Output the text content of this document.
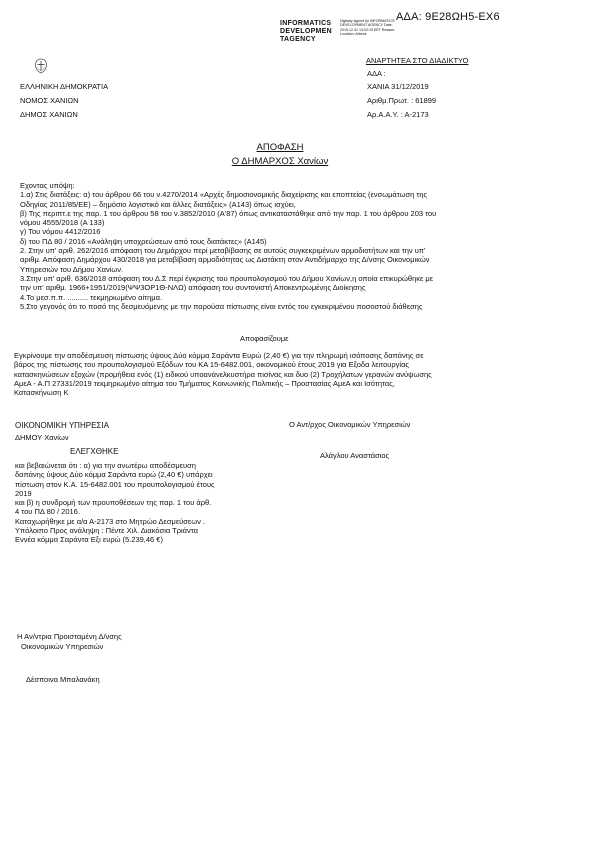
ΑΔΑ: 9Ε28ΩΗ5-ΕΧ6
INFORMATICS
DEVELOPMEN
TAGENCY
Digitally signed by INFORMATICS DEVELOPMENT AGENCY Date: 2019.12.31 13:02:15 EET Reason: Location: Athens
ΑΝΑΡΤΗΤΕΑ ΣΤΟ ΔΙΑΔΙΚΤΥΟ
ΕΛΛΗΝΙΚΗ ΔΗΜΟΚΡΑΤΙΑ
ΝΟΜΟΣ ΧΑΝΙΩΝ
ΔΗΜΟΣ ΧΑΝΙΩΝ
ΑΔΑ :
ΧΑΝΙΑ 31/12/2019
Αριθμ.Πρωτ. : 61899
Αρ.Α.Α.Υ. : Α-2173
ΑΠΟΦΑΣΗ
Ο ΔΗΜΑΡΧΟΣ Χανίων
Εχοντας υπόψη:
1.α) Στις διατάξεις: α) του άρθρου 66 του ν.4270/2014 «Αρχές δημοσιονομικής διαχείρισης και εποπτείας (ενσωμάτωση της
Οδηγίας 2011/85/ΕΕ) – δημόσιο λογιστικό και άλλες διατάξεις» (Α143) όπως ισχύει,
β) Της περιπτ.ε της παρ. 1 του άρθρου 58 του ν.3852/2010 (Α'87) όπως αντικαταστάθηκε από την παρ. 1 του άρθρου 203 του
νόμου 4555/2018 (Α 133)
γ) Του νόμου 4412/2016
δ) του ΠΔ 80 / 2016 «Ανάληψη υποχρεώσεων από τους διατάκτες» (Α145)
2. Στην υπ' αριθ. 262/2016 απόφαση του Δημάρχου περί μεταβίβασης σε αυτούς συγκεκριμένων αρμοδιοτήτων και την υπ'
αριθμ. Απόφαση Δημάρχου 430/2018 για μεταβίβαση αρμοδιότητας ως Διατάκτη στον Αντιδήμαρχο της Δ/νσης Οικονομικών
Υπηρεσιών του Δήμου Χανίων.
3.Στην υπ' αριθ. 636/2018 απόφαση του Δ.Σ περί έγκρισης του προυπολογισμού του Δήμου Χανίων,η οποία επικυρώθηκε με
την υπ' αριθμ. 1966+1951/2019(ΨΨ3ΟΡ1Θ-ΝΛΩ) απόφαση του συντονιστή Αποκεντρωμένης Διοίκησης
4.Το μεσ.π.π. .......... τεκμηριωμένο αίτημα.
5.Στο γεγονός ότι το ποσό της δεσμευόμενης με την παρούσα πίστωσης είναι εντός του εγκεκριμένου ποσοστού διάθεσης
Αποφασίζουμε
Εγκρίνουμε την αποδέσμευση πίστωσης ύψους Δύο κόμμα Σαράντα Ευρώ (2,40 €) για την πληρωμή ισόποσης δαπάνης σε
βάρος της πίστωσης του προυπολογισμού Εξόδων του ΚΑ 15-6482.001, οικονομικού έτους 2019 για Εξοδα λειτουργίας
κατασκηνώσεων εξοχών (προμήθεια ενός (1) ειδικού υποανάνελκυστήρα πισίνας και δυο (2) Τροχήλατων γερανών ανύψωσης
ΑμεΑ - Α.Π 27331/2019 τεκμηριωμένο αίτημα του Τμήματος Κοινωνικής Πολιτικής – Προστασίας ΑμεΑ και Ισότητας,
Κατασκήνωση Κ
ΟΙΚΟΝΟΜΙΚΗ ΥΠΗΡΕΣΙΑ
ΔΗΜΟΥ Χανίων
Ο Αντ/ρχος Οικονομικών Υπηρεσιών
ΕΛΕΓΧΘΗΚΕ	Αλάγλου Αναστάσιος
και βεβαιώνεται ότι : α) για την ανωτέρω αποδέσμευση
δαπάνης ύψους Δύο κόμμα Σαράντα ευρώ (2,40 €) υπάρχει
πίστωση στον Κ.Α. 15-6482.001 του προυπολογισμού έτους
2019
και β) η συνδρομή των προυποθέσεων της παρ. 1 του άρθ.
4 του ΠΔ 80 / 2016.
Καταχωρήθηκε με α/α Α-2173 στο Μητρώο Δεσμεύσεων .
Υπόλοιπο Προς ανάληψη : Πέντε Χιλ. Διακόσια Τριάντα
Εννέα κόμμα Σαράντα Εξι ευρώ (5.239,46 €)
Η Αν/ντρια Προισταμένη Δ/νσης
Οικονομικών Υπηρεσιών
Δέσποινα Μπαλανάκη
